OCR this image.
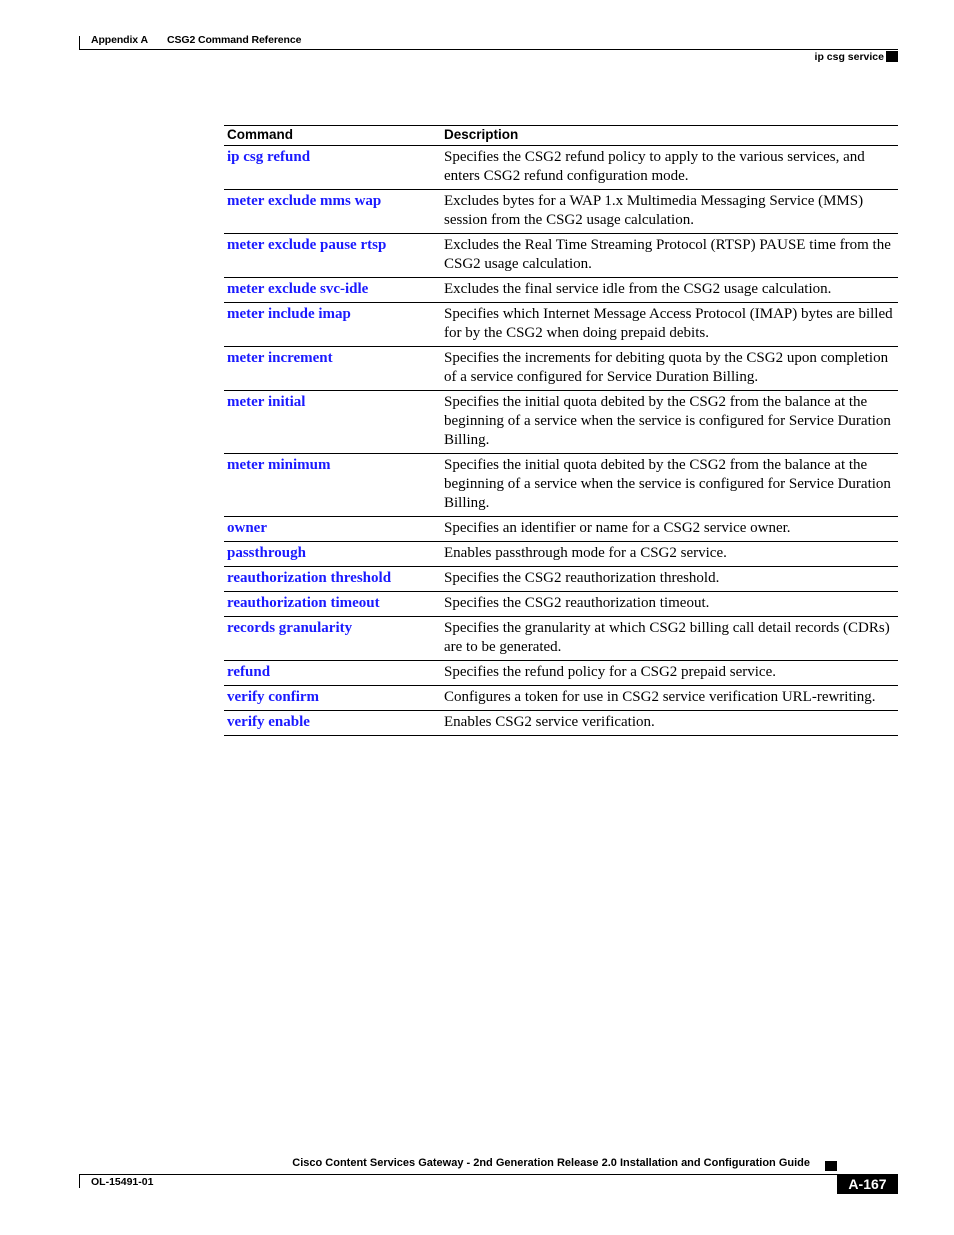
Appendix A CSG2 Command Reference
ip csg service
Command	Description
ip csg refund	Specifies the CSG2 refund policy to apply to the various services, and enters CSG2 refund configuration mode.
meter exclude mms wap	Excludes bytes for a WAP 1.x Multimedia Messaging Service (MMS) session from the CSG2 usage calculation.
meter exclude pause rtsp	Excludes the Real Time Streaming Protocol (RTSP) PAUSE time from the CSG2 usage calculation.
meter exclude svc-idle	Excludes the final service idle from the CSG2 usage calculation.
meter include imap	Specifies which Internet Message Access Protocol (IMAP) bytes are billed for by the CSG2 when doing prepaid debits.
meter increment	Specifies the increments for debiting quota by the CSG2 upon completion of a service configured for Service Duration Billing.
meter initial	Specifies the initial quota debited by the CSG2 from the balance at the beginning of a service when the service is configured for Service Duration Billing.
meter minimum	Specifies the initial quota debited by the CSG2 from the balance at the beginning of a service when the service is configured for Service Duration Billing.
owner	Specifies an identifier or name for a CSG2 service owner.
passthrough	Enables passthrough mode for a CSG2 service.
reauthorization threshold	Specifies the CSG2 reauthorization threshold.
reauthorization timeout	Specifies the CSG2 reauthorization timeout.
records granularity	Specifies the granularity at which CSG2 billing call detail records (CDRs) are to be generated.
refund	Specifies the refund policy for a CSG2 prepaid service.
verify confirm	Configures a token for use in CSG2 service verification URL-rewriting.
verify enable	Enables CSG2 service verification.
Cisco Content Services Gateway - 2nd Generation Release 2.0 Installation and Configuration Guide
OL-15491-01	A-167
